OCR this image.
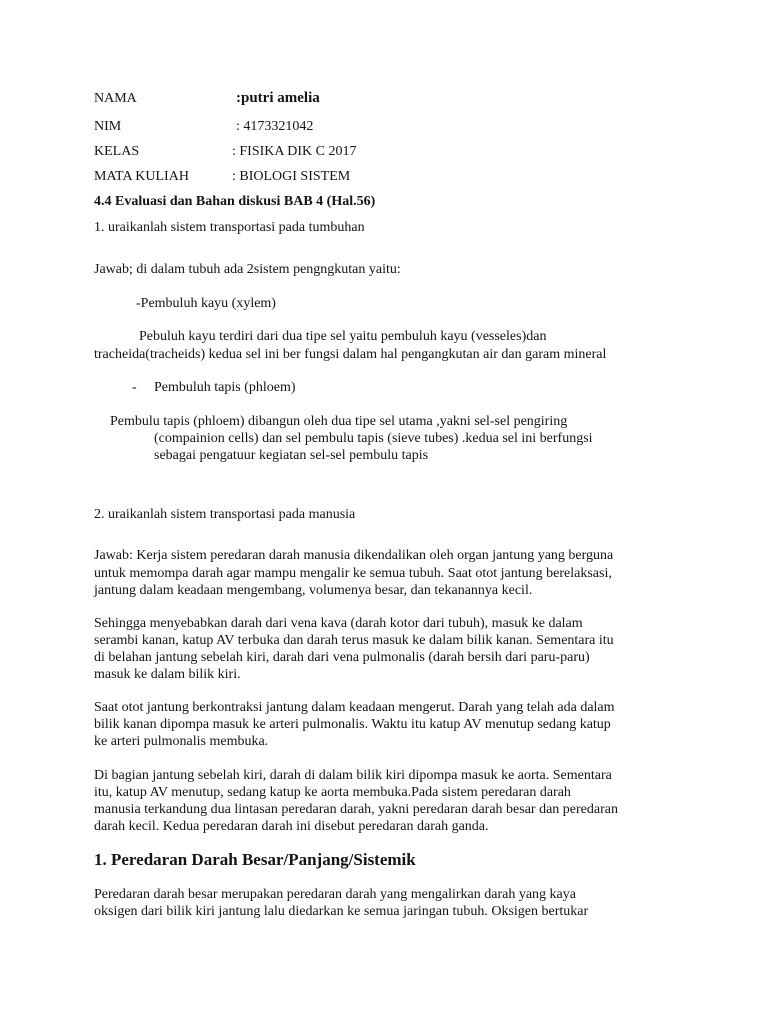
NAMA	:putri amelia
NIM	: 4173321042
KELAS	: FISIKA DIK C 2017
MATA KULIAH	: BIOLOGI SISTEM
4.4 Evaluasi dan Bahan diskusi BAB 4 (Hal.56)
1. uraikanlah sistem transportasi pada tumbuhan
Jawab; di dalam tubuh ada 2sistem pengngkutan yaitu:
-Pembuluh kayu (xylem)
Pebuluh kayu terdiri dari dua tipe sel yaitu pembuluh kayu (vesseles)dan
tracheida(tracheids) kedua sel ini ber fungsi dalam hal pengangkutan air dan garam mineral
- Pembuluh tapis (phloem)
Pembulu tapis (phloem) dibangun oleh dua tipe sel utama ,yakni sel-sel pengiring
(compainion cells) dan sel pembulu tapis (sieve tubes) .kedua sel ini berfungsi
sebagai pengatuur kegiatan sel-sel pembulu tapis
2. uraikanlah sistem transportasi pada manusia
Jawab: Kerja sistem peredaran darah manusia dikendalikan oleh organ jantung yang berguna
untuk memompa darah agar mampu mengalir ke semua tubuh. Saat otot jantung berelaksasi,
jantung dalam keadaan mengembang, volumenya besar, dan tekanannya kecil.
Sehingga menyebabkan darah dari vena kava (darah kotor dari tubuh), masuk ke dalam
serambi kanan, katup AV terbuka dan darah terus masuk ke dalam bilik kanan. Sementara itu
di belahan jantung sebelah kiri, darah dari vena pulmonalis (darah bersih dari paru-paru)
masuk ke dalam bilik kiri.
Saat otot jantung berkontraksi jantung dalam keadaan mengerut. Darah yang telah ada dalam
bilik kanan dipompa masuk ke arteri pulmonalis. Waktu itu katup AV menutup sedang katup
ke arteri pulmonalis membuka.
Di bagian jantung sebelah kiri, darah di dalam bilik kiri dipompa masuk ke aorta. Sementara
itu, katup AV menutup, sedang katup ke aorta membuka.Pada sistem peredaran darah
manusia terkandung dua lintasan peredaran darah, yakni peredaran darah besar dan peredaran
darah kecil. Kedua peredaran darah ini disebut peredaran darah ganda.
1. Peredaran Darah Besar/Panjang/Sistemik
Peredaran darah besar merupakan peredaran darah yang mengalirkan darah yang kaya
oksigen dari bilik kiri jantung lalu diedarkan ke semua jaringan tubuh. Oksigen bertukar
